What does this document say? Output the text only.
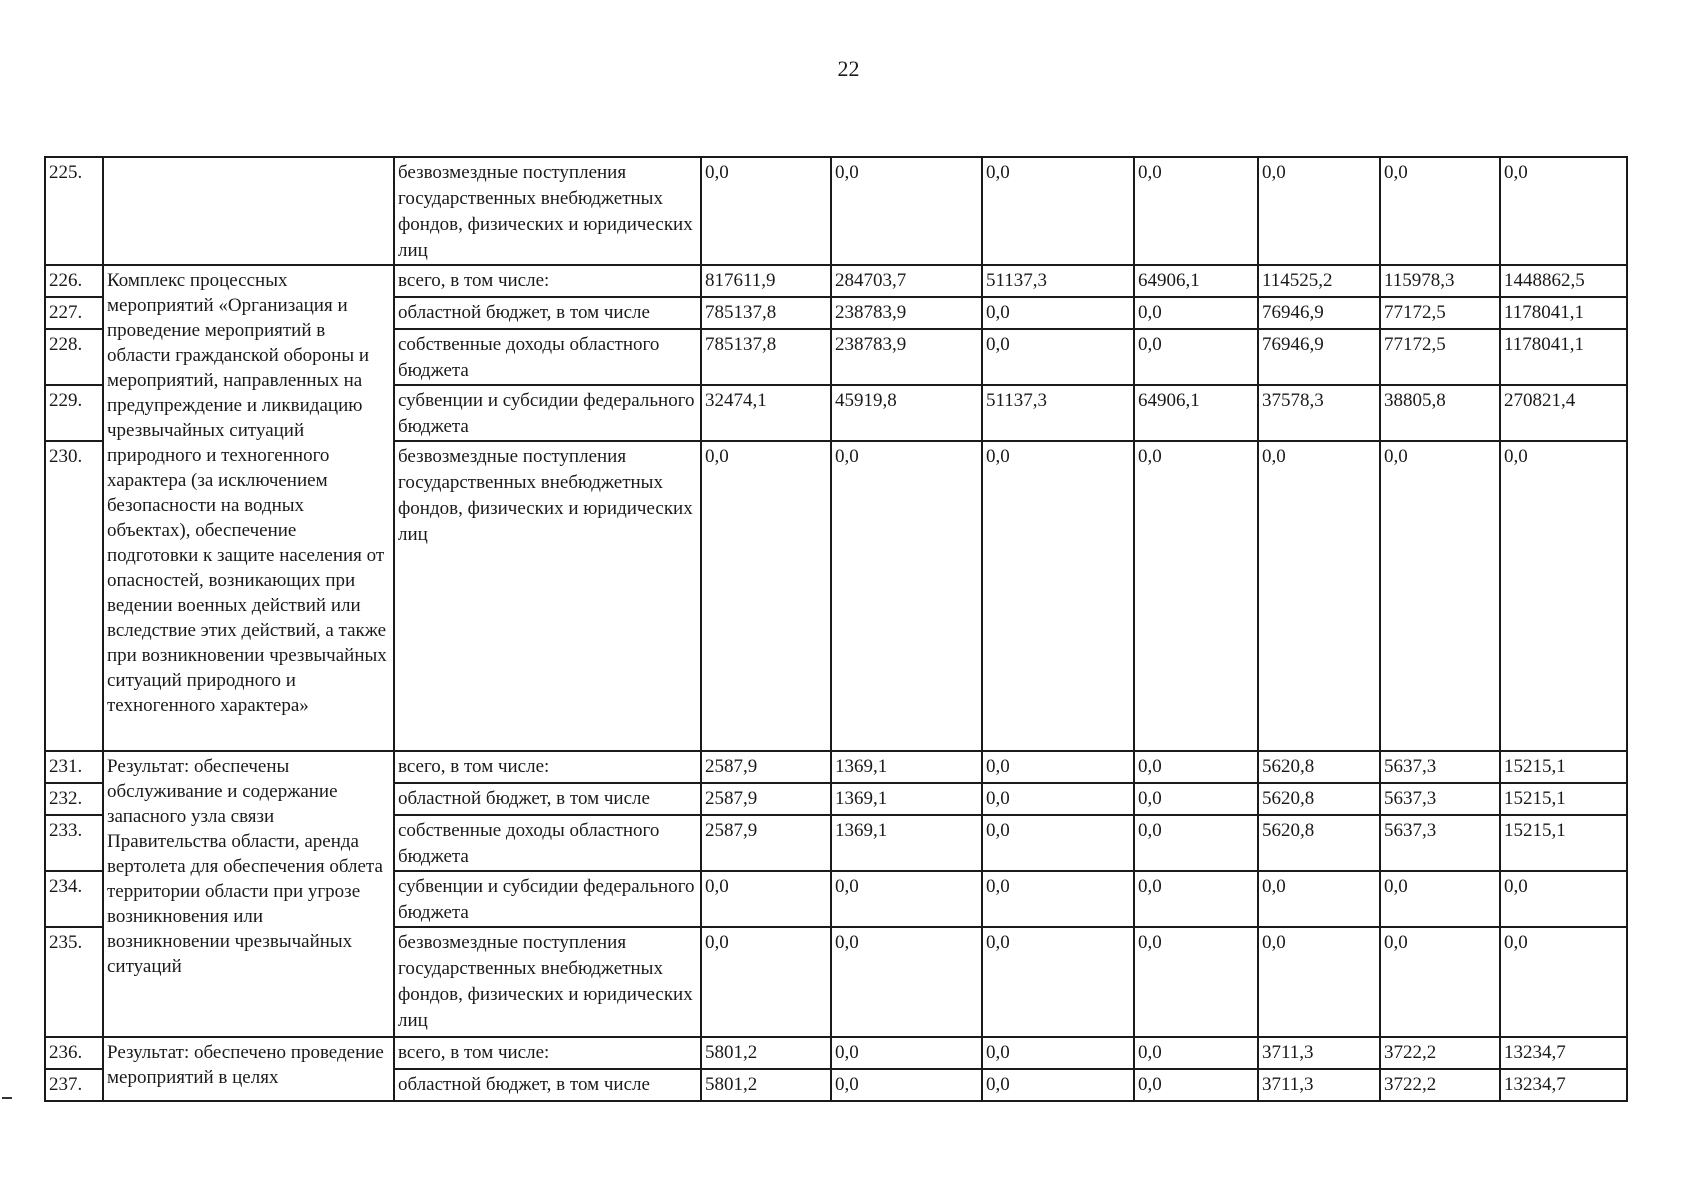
22
225.		безвозмездные поступления государственных внебюджетных фондов, физических и юридических лиц	0,0	0,0	0,0	0,0	0,0	0,0	0,0
226.	Комплекс процессных мероприятий «Организация и проведение мероприятий в области гражданской обороны и мероприятий, направленных на предупреждение и ликвидацию чрезвычайных ситуаций природного и техногенного характера (за исключением безопасности на водных объектах), обеспечение подготовки к защите населения от опасностей, возникающих при ведении военных действий или вследствие этих действий, а также при возникновении чрезвычайных ситуаций природного и техногенного характера»	всего, в том числе:	817611,9	284703,7	51137,3	64906,1	114525,2	115978,3	1448862,5
227.		областной бюджет, в том числе	785137,8	238783,9	0,0	0,0	76946,9	77172,5	1178041,1
228.		собственные доходы областного бюджета	785137,8	238783,9	0,0	0,0	76946,9	77172,5	1178041,1
229.		субвенции и субсидии федерального бюджета	32474,1	45919,8	51137,3	64906,1	37578,3	38805,8	270821,4
230.		безвозмездные поступления государственных внебюджетных фондов, физических и юридических лиц	0,0	0,0	0,0	0,0	0,0	0,0	0,0
231.	Результат: обеспечены обслуживание и содержание запасного узла связи Правительства области, аренда вертолета для обеспечения облета территории области при угрозе возникновения или возникновении чрезвычайных ситуаций	всего, в том числе:	2587,9	1369,1	0,0	0,0	5620,8	5637,3	15215,1
232.		областной бюджет, в том числе	2587,9	1369,1	0,0	0,0	5620,8	5637,3	15215,1
233.		собственные доходы областного бюджета	2587,9	1369,1	0,0	0,0	5620,8	5637,3	15215,1
234.		субвенции и субсидии федерального бюджета	0,0	0,0	0,0	0,0	0,0	0,0	0,0
235.		безвозмездные поступления государственных внебюджетных фондов, физических и юридических лиц	0,0	0,0	0,0	0,0	0,0	0,0	0,0
236.	Результат: обеспечено проведение мероприятий в целях	всего, в том числе:	5801,2	0,0	0,0	0,0	3711,3	3722,2	13234,7
237.		областной бюджет, в том числе	5801,2	0,0	0,0	0,0	3711,3	3722,2	13234,7
